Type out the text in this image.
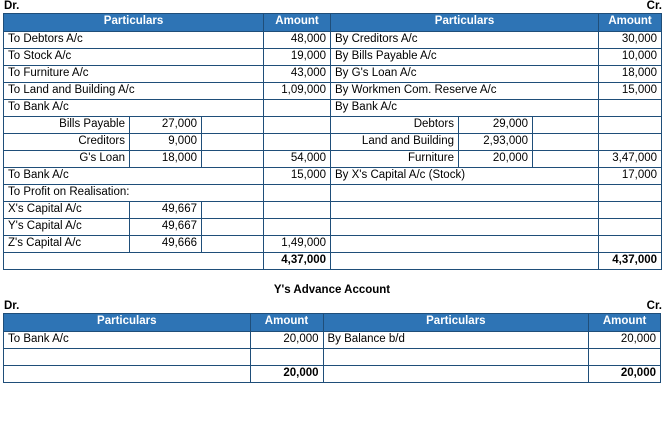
Dr.	Cr.
Particulars			Amount	Particulars			Amount
To Debtors A/c			48,000	By Creditors A/c			30,000
To Stock A/c			19,000	By Bills Payable A/c			10,000
To Furniture A/c			43,000	By G's Loan A/c			18,000
To Land and Building A/c			1,09,000	By Workmen Com. Reserve A/c			15,000
To Bank A/c				By Bank A/c			
Bills Payable	27,000			Debtors	29,000		
Creditors	9,000			Land and Building	2,93,000		
G's Loan	18,000		54,000	Furniture	20,000		3,47,000
To Bank A/c			15,000	By X's Capital A/c (Stock)			17,000
To Profit on Realisation:							
X's Capital A/c	49,667						
Y's Capital A/c	49,667						
Z's Capital A/c	49,666		1,49,000				
			4,37,000				4,37,000
Y's Advance Account
Dr.	Cr.
Particulars	Amount	Particulars	Amount
To Bank A/c	20,000	By Balance b/d	20,000

	20,000		20,000
